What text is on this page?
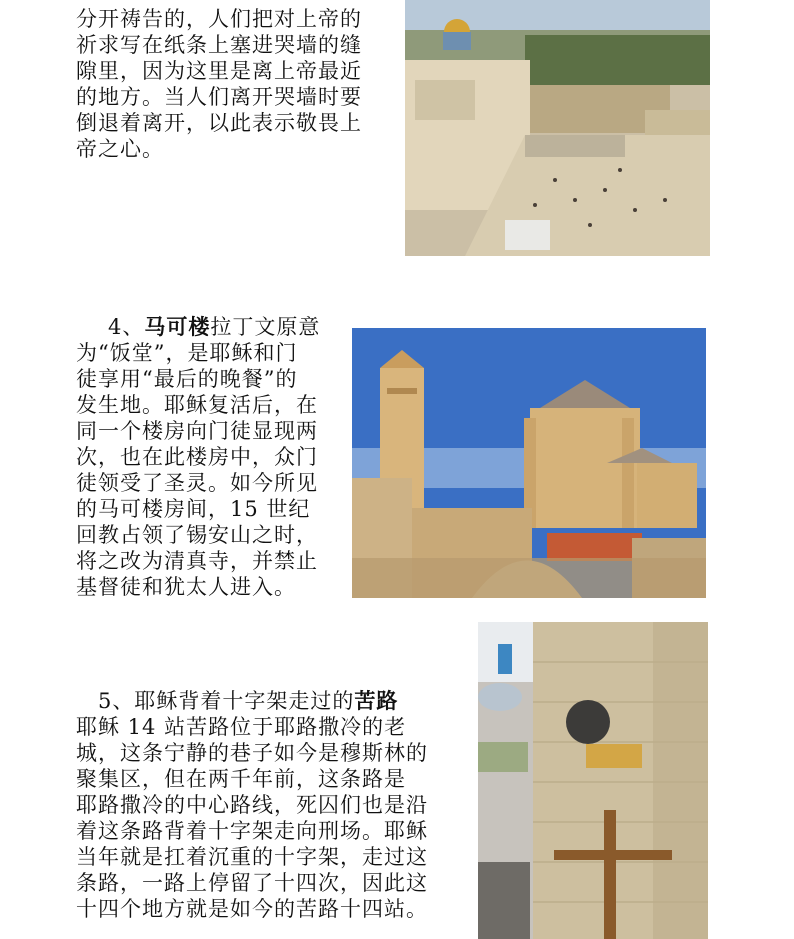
分开祷告的，人们把对上帝的
祈求写在纸条上塞进哭墙的缝
隙里，因为这里是离上帝最近
的地方。当人们离开哭墙时要
倒退着离开，以此表示敬畏上
帝之心。

4、马可楼拉丁文原意
为“饭堂”，是耶稣和门
徒享用“最后的晚餐”的
发生地。耶稣复活后，在
同一个楼房向门徒显现两
次，也在此楼房中，众门
徒领受了圣灵。如今所见
的马可楼房间，15 世纪
回教占领了锡安山之时，
将之改为清真寺，并禁止
基督徒和犹太人进入。

5、耶稣背着十字架走过的苦路

耶稣 14 站苦路位于耶路撒冷的老
城，这条宁静的巷子如今是穆斯林的
聚集区，但在两千年前，这条路是
耶路撒冷的中心路线，死囚们也是沿
着这条路背着十字架走向刑场。耶稣
当年就是扛着沉重的十字架，走过这
条路，一路上停留了十四次，因此这
十四个地方就是如今的苦路十四站。
